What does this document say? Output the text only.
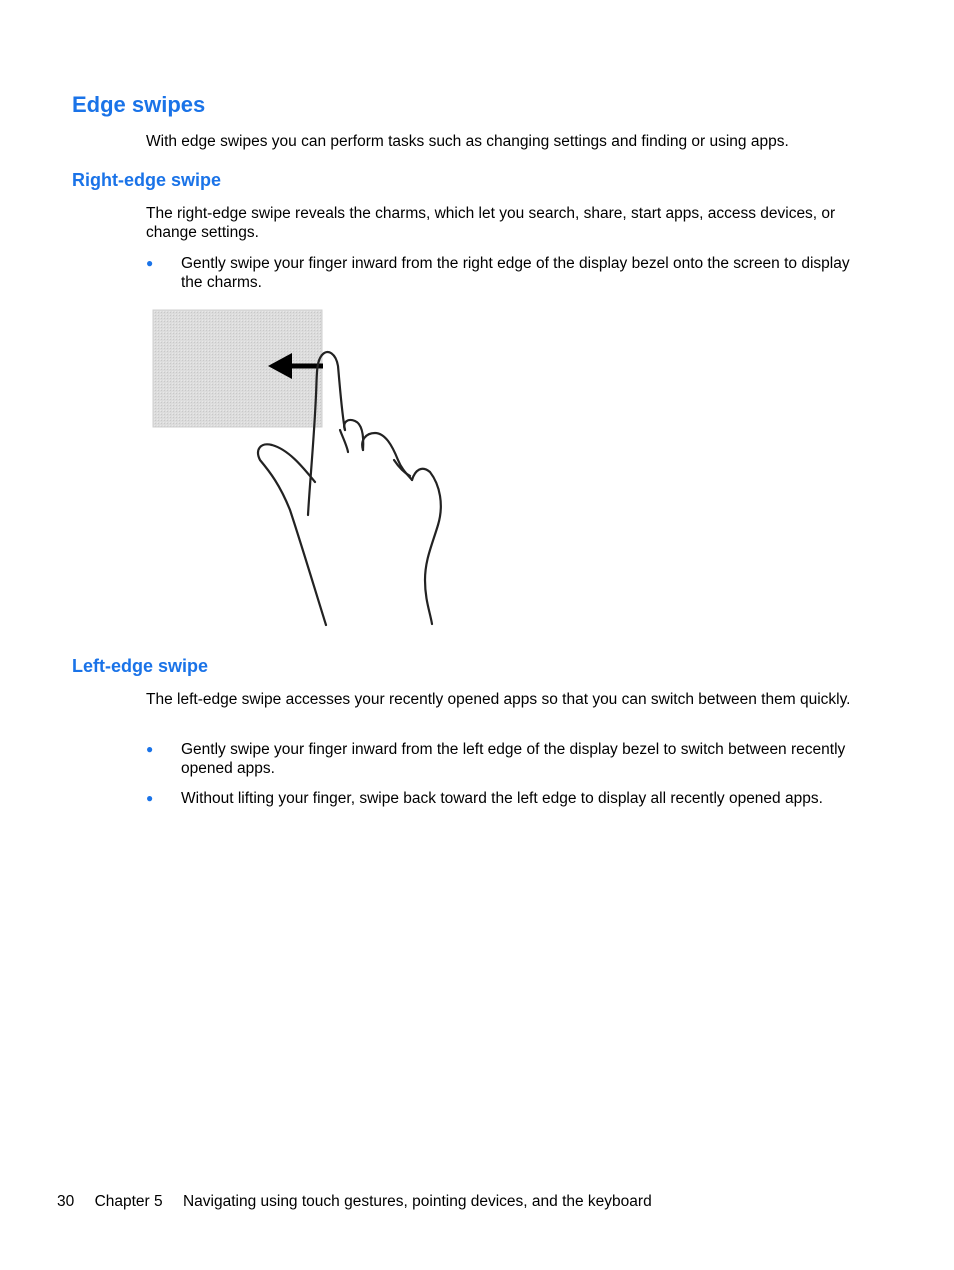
Edge swipes

With edge swipes you can perform tasks such as changing settings and finding or using apps.

Right-edge swipe

The right-edge swipe reveals the charms, which let you search, share, start apps, access devices, or change settings.

● Gently swipe your finger inward from the right edge of the display bezel onto the screen to display the charms.
Left-edge swipe

The left-edge swipe accesses your recently opened apps so that you can switch between them quickly.

● Gently swipe your finger inward from the left edge of the display bezel to switch between recently opened apps.
● Without lifting your finger, swipe back toward the left edge to display all recently opened apps.
30 Chapter 5 Navigating using touch gestures, pointing devices, and the keyboard
